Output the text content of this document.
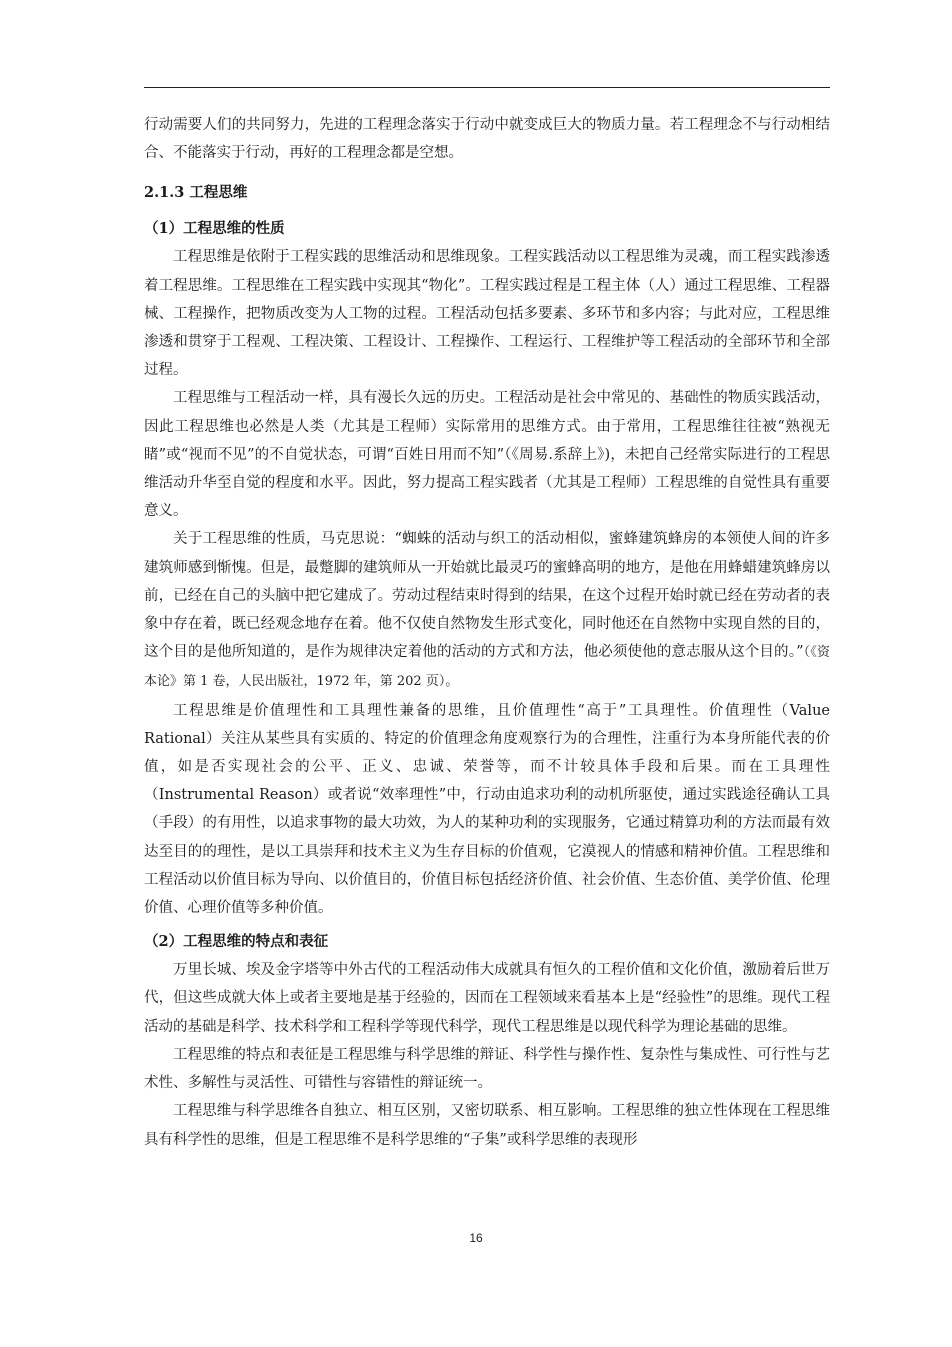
行动需要人们的共同努力，先进的工程理念落实于行动中就变成巨大的物质力量。若工程理念不与行动相结合、不能落实于行动，再好的工程理念都是空想。

2.1.3 工程思维

（1）工程思维的性质

工程思维是依附于工程实践的思维活动和思维现象。工程实践活动以工程思维为灵魂，而工程实践渗透着工程思维。工程思维在工程实践中实现其“物化”。工程实践过程是工程主体（人）通过工程思维、工程器械、工程操作，把物质改变为人工物的过程。工程活动包括多要素、多环节和多内容；与此对应，工程思维渗透和贯穿于工程观、工程决策、工程设计、工程操作、工程运行、工程维护等工程活动的全部环节和全部过程。

工程思维与工程活动一样，具有漫长久远的历史。工程活动是社会中常见的、基础性的物质实践活动，因此工程思维也必然是人类（尤其是工程师）实际常用的思维方式。由于常用，工程思维往往被“熟视无睹”或“视而不见”的不自觉状态，可谓“百姓日用而不知”（《周易.系辞上》)，未把自己经常实际进行的工程思维活动升华至自觉的程度和水平。因此，努力提高工程实践者（尤其是工程师）工程思维的自觉性具有重要意义。

关于工程思维的性质，马克思说：“蜘蛛的活动与织工的活动相似，蜜蜂建筑蜂房的本领使人间的许多建筑师感到惭愧。但是，最蹩脚的建筑师从一开始就比最灵巧的蜜蜂高明的地方，是他在用蜂蜡建筑蜂房以前，已经在自己的头脑中把它建成了。劳动过程结束时得到的结果，在这个过程开始时就已经在劳动者的表象中存在着，既已经观念地存在着。他不仅使自然物发生形式变化，同时他还在自然物中实现自然的目的，这个目的是他所知道的，是作为规律决定着他的活动的方式和方法，他必须使他的意志服从这个目的。”（《资本论》第 1 卷，人民出版社，1972 年，第 202 页）。

工程思维是价值理性和工具理性兼备的思维，且价值理性“高于”工具理性。价值理性（Value Rational）关注从某些具有实质的、特定的价值理念角度观察行为的合理性，注重行为本身所能代表的价值，如是否实现社会的公平、正义、忠诚、荣誉等，而不计较具体手段和后果。而在工具理性（Instrumental Reason）或者说“效率理性”中，行动由追求功利的动机所驱使，通过实践途径确认工具（手段）的有用性，以追求事物的最大功效，为人的某种功利的实现服务，它通过精算功利的方法而最有效达至目的的理性，是以工具崇拜和技术主义为生存目标的价值观，它漠视人的情感和精神价值。工程思维和工程活动以价值目标为导向、以价值目的，价值目标包括经济价值、社会价值、生态价值、美学价值、伦理价值、心理价值等多种价值。

（2）工程思维的特点和表征

万里长城、埃及金字塔等中外古代的工程活动伟大成就具有恒久的工程价值和文化价值，激励着后世万代，但这些成就大体上或者主要地是基于经验的，因而在工程领域来看基本上是“经验性”的思维。现代工程活动的基础是科学、技术科学和工程科学等现代科学，现代工程思维是以现代科学为理论基础的思维。

工程思维的特点和表征是工程思维与科学思维的辩证、科学性与操作性、复杂性与集成性、可行性与艺术性、多解性与灵活性、可错性与容错性的辩证统一。

工程思维与科学思维各自独立、相互区别，又密切联系、相互影响。工程思维的独立性体现在工程思维具有科学性的思维，但是工程思维不是科学思维的“子集”或科学思维的表现形

16
